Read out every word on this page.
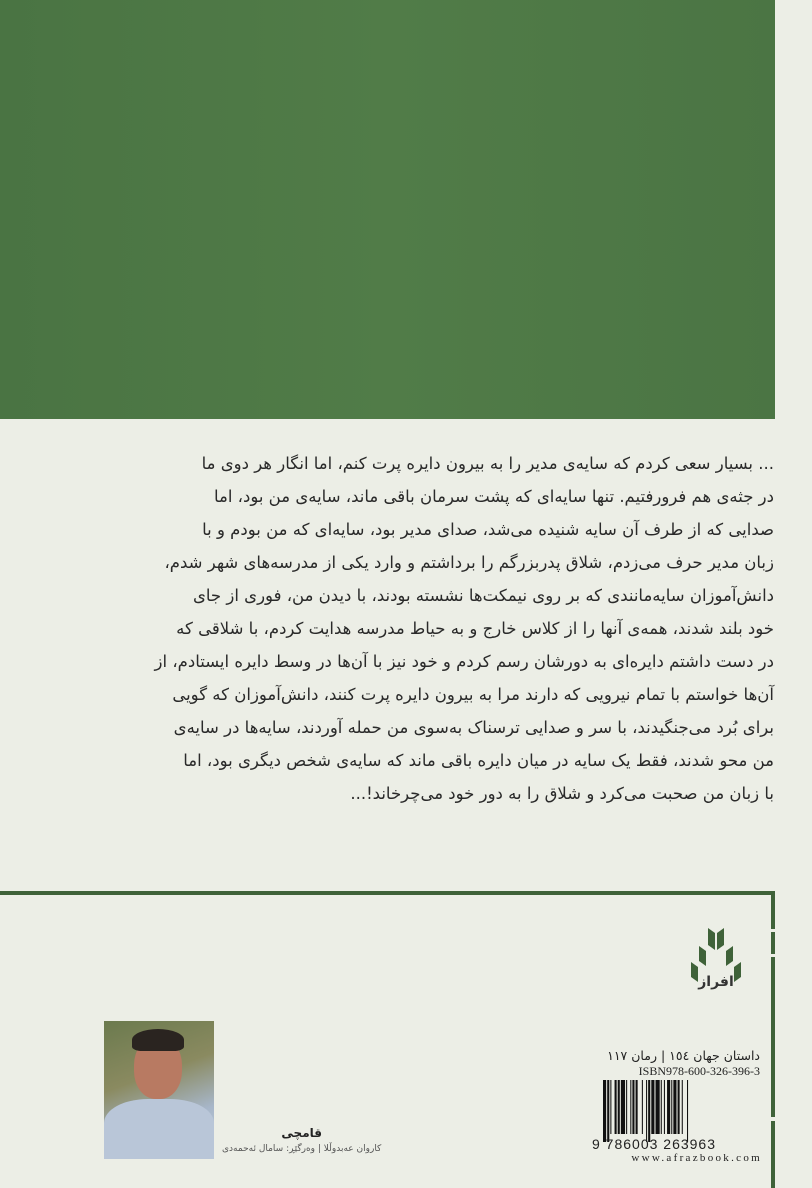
... بسیار سعی کردم که سایه‌ی مدیر را به بیرون دایره پرت کنم، اما انگار هر دوی ما

در جثه‌ی هم فرورفتیم. تنها سایه‌ای که پشت سرمان باقی ماند، سایه‌ی من بود، اما

صدایی که از طرف آن سایه شنیده می‌شد، صدای مدیر بود، سایه‌ای که من بودم و با

زبان مدیر حرف می‌زدم، شلاق پدربزرگم را برداشتم و وارد یکی از مدرسه‌های شهر شدم،

دانش‌آموزان سایه‌مانندی که بر روی نیمکت‌ها نشسته بودند، با دیدن من، فوری از جای

خود بلند شدند، همه‌ی آنها را از کلاس خارج و به حیاط مدرسه هدایت کردم، با شلاقی که

در دست داشتم دایره‌ای به دورشان رسم کردم و خود نیز با آن‌ها در وسط دایره ایستادم، از

آن‌ها خواستم با تمام نیرویی که دارند مرا به بیرون دایره پرت کنند، دانش‌آموزان که گویی

برای بُرد می‌جنگیدند، با سر و صدایی ترسناک به‌سوی من حمله آوردند، سایه‌ها در سایه‌ی

من محو شدند، فقط یک سایه در میان دایره باقی ماند که سایه‌ی شخص دیگری بود، اما

با زبان من صحبت می‌کرد و شلاق را به دور خود می‌چرخاند!...

افراز
قامچی
کاروان عەبدوڵلا | وەرگێڕ: سامال ئەحمەدی
داستان جهان ١٥٤ | رمان ١١٧
ISBN978-600-326-396-3
9 786003 263963
www.afrazbook.com
